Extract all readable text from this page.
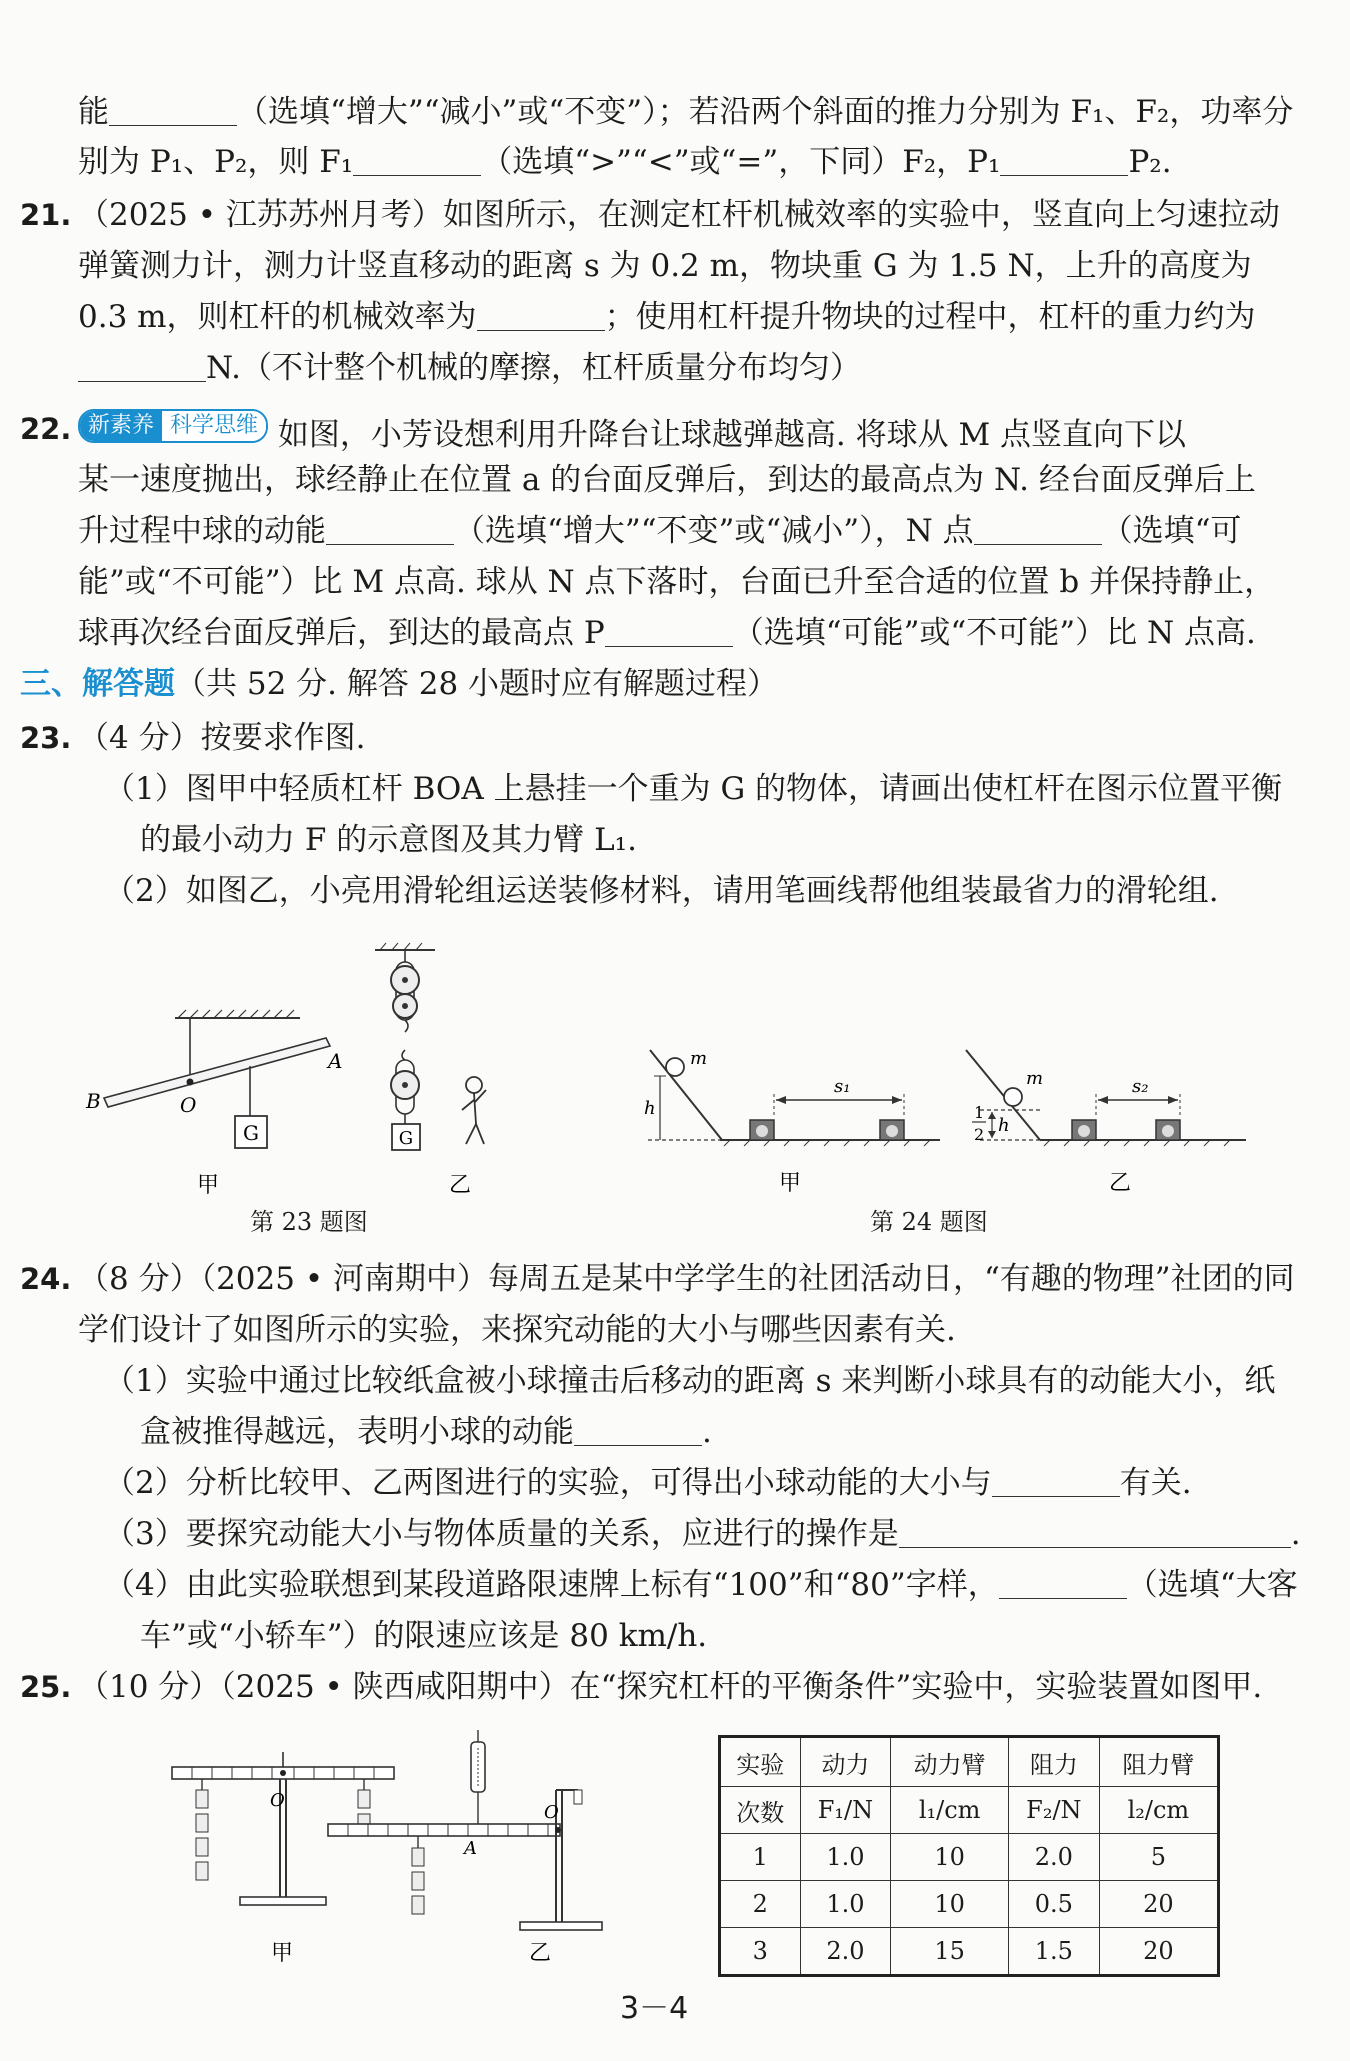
能	（选填“增大”“减小”或“不变”）；若沿两个斜面的推力分别为 F₁、F₂，功率分
别为 P₁、P₂，则 F₁	（选填“>”“<”或“=”，下同）F₂，P₁	P₂.
21. （2025 • 江苏苏州月考）如图所示，在测定杠杆机械效率的实验中，竖直向上匀速拉动
弹簧测力计，测力计竖直移动的距离 s 为 0.2 m，物块重 G 为 1.5 N，上升的高度为
0.3 m，则杠杆的机械效率为	；使用杠杆提升物块的过程中，杠杆的重力约为
N.（不计整个机械的摩擦，杠杆质量分布均匀）
22. 新素养 科学思维 如图，小芳设想利用升降台让球越弹越高. 将球从 M 点竖直向下以
某一速度抛出，球经静止在位置 a 的台面反弹后，到达的最高点为 N. 经台面反弹后上
升过程中球的动能	（选填“增大”“不变”或“减小”），N 点	（选填“可
能”或“不可能”）比 M 点高. 球从 N 点下落时，台面已升至合适的位置 b 并保持静止，
球再次经台面反弹后，到达的最高点 P	（选填“可能”或“不可能”）比 N 点高.
三、解答题（共 52 分. 解答 28 小题时应有解题过程）
23. （4 分）按要求作图.
（1）图甲中轻质杠杆 BOA 上悬挂一个重为 G 的物体，请画出使杠杆在图示位置平衡
的最小动力 F 的示意图及其力臂 L₁.
（2）如图乙，小亮用滑轮组运送装修材料，请用笔画线帮他组装最省力的滑轮组.
G
B	O
A
甲
G
乙
第 23 题图
m
h
s₁
甲
m
1
2 h
s₂
乙
第 24 题图
24. （8 分）（2025 • 河南期中）每周五是某中学学生的社团活动日，“有趣的物理”社团的同
学们设计了如图所示的实验，来探究动能的大小与哪些因素有关.
（1）实验中通过比较纸盒被小球撞击后移动的距离 s 来判断小球具有的动能大小，纸
盒被推得越远，表明小球的动能	.
（2）分析比较甲、乙两图进行的实验，可得出小球动能的大小与	有关.
（3）要探究动能大小与物体质量的关系，应进行的操作是	.
（4）由此实验联想到某段道路限速牌上标有“100”和“80”字样，	（选填“大客
车”或“小轿车”）的限速应该是 80 km/h.
25. （10 分）（2025 • 陕西咸阳期中）在“探究杠杆的平衡条件”实验中，实验装置如图甲.
O
甲
O
A
乙
实验	动力	动力臂	阻力	阻力臂
次数	F₁/N	l₁/cm	F₂/N	l₂/cm
1	1.0	10	2.0	5
2	1.0	10	0.5	20
3	2.0	15	1.5	20
3－4
